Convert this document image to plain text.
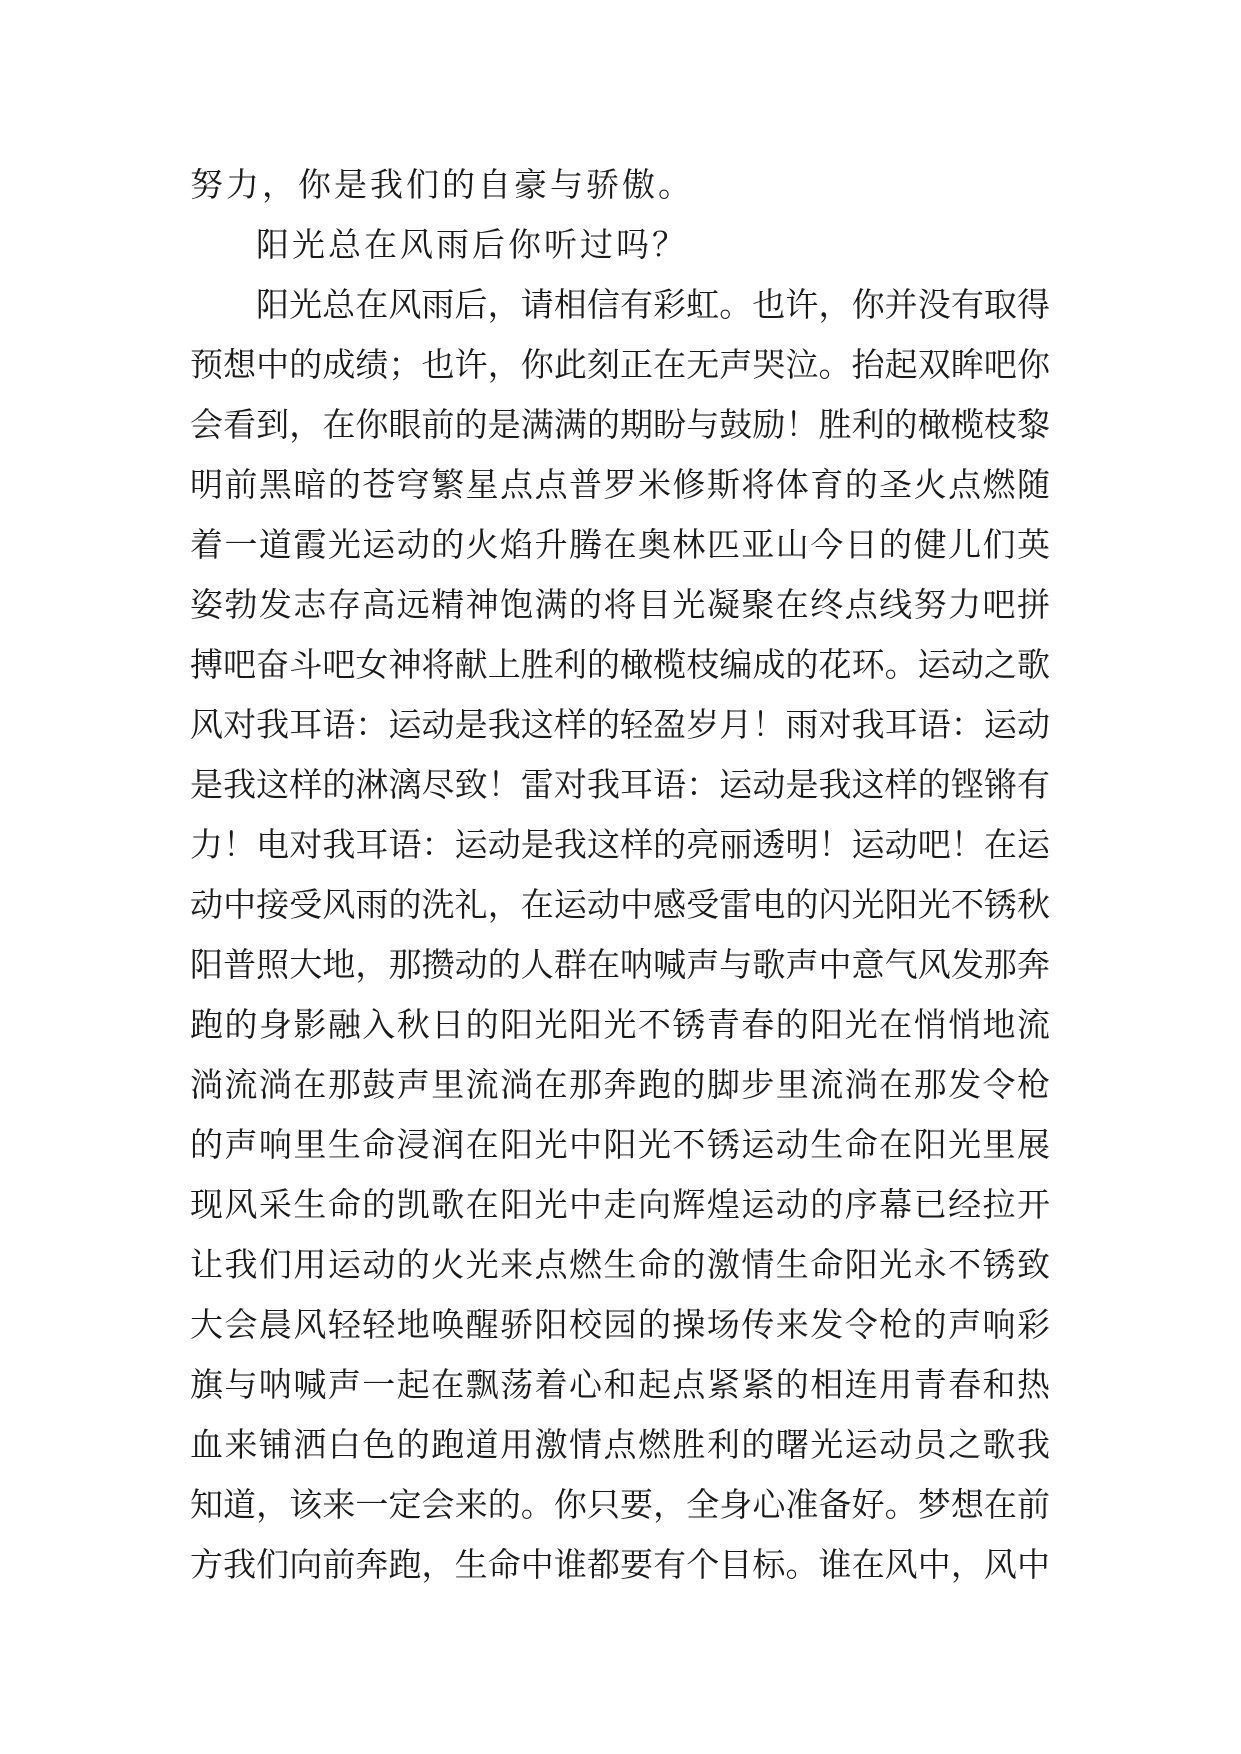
努力，你是我们的自豪与骄傲。
阳光总在风雨后你听过吗？
阳光总在风雨后，请相信有彩虹。也许，你并没有取得
预想中的成绩；也许，你此刻正在无声哭泣。抬起双眸吧你
会看到，在你眼前的是满满的期盼与鼓励！胜利的橄榄枝黎
明前黑暗的苍穹繁星点点普罗米修斯将体育的圣火点燃随
着一道霞光运动的火焰升腾在奥林匹亚山今日的健儿们英
姿勃发志存高远精神饱满的将目光凝聚在终点线努力吧拼
搏吧奋斗吧女神将献上胜利的橄榄枝编成的花环。运动之歌
风对我耳语：运动是我这样的轻盈岁月！雨对我耳语：运动
是我这样的淋漓尽致！雷对我耳语：运动是我这样的铿锵有
力！电对我耳语：运动是我这样的亮丽透明！运动吧！在运
动中接受风雨的洗礼，在运动中感受雷电的闪光阳光不锈秋
阳普照大地，那攒动的人群在呐喊声与歌声中意气风发那奔
跑的身影融入秋日的阳光阳光不锈青春的阳光在悄悄地流
淌流淌在那鼓声里流淌在那奔跑的脚步里流淌在那发令枪
的声响里生命浸润在阳光中阳光不锈运动生命在阳光里展
现风采生命的凯歌在阳光中走向辉煌运动的序幕已经拉开
让我们用运动的火光来点燃生命的激情生命阳光永不锈致
大会晨风轻轻地唤醒骄阳校园的操场传来发令枪的声响彩
旗与呐喊声一起在飘荡着心和起点紧紧的相连用青春和热
血来铺洒白色的跑道用激情点燃胜利的曙光运动员之歌我
知道，该来一定会来的。你只要，全身心准备好。梦想在前
方我们向前奔跑，生命中谁都要有个目标。谁在风中，风中
